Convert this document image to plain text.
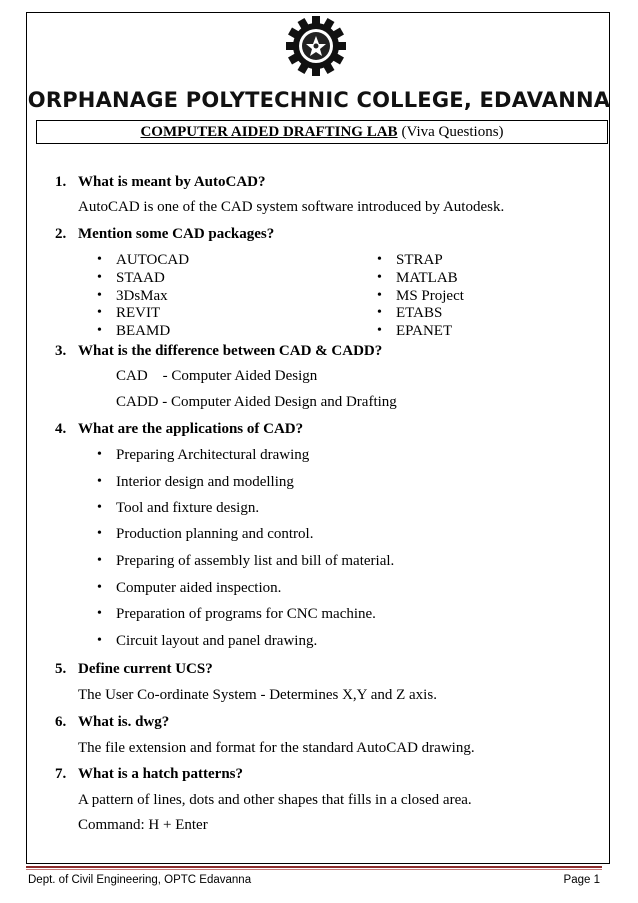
ORPHANAGE POLYTECHNIC COLLEGE, EDAVANNA
COMPUTER AIDED DRAFTING LAB (Viva Questions)
1. What is meant by AutoCAD?
AutoCAD is one of the CAD system software introduced by Autodesk.
2. Mention some CAD packages?
• AUTOCAD
• STAAD
• 3DsMax
• REVIT
• BEAMD
• STRAP
• MATLAB
• MS Project
• ETABS
• EPANET
3. What is the difference between CAD & CADD?
CAD    - Computer Aided Design
CADD - Computer Aided Design and Drafting
4. What are the applications of CAD?
• Preparing Architectural drawing
• Interior design and modelling
• Tool and fixture design.
• Production planning and control.
• Preparing of assembly list and bill of material.
• Computer aided inspection.
• Preparation of programs for CNC machine.
• Circuit layout and panel drawing.
5. Define current UCS?
The User Co-ordinate System - Determines X,Y and Z axis.
6. What is. dwg?
The file extension and format for the standard AutoCAD drawing.
7. What is a hatch patterns?
A pattern of lines, dots and other shapes that fills in a closed area.
Command: H + Enter
Dept. of Civil Engineering, OPTC Edavanna	Page 1
